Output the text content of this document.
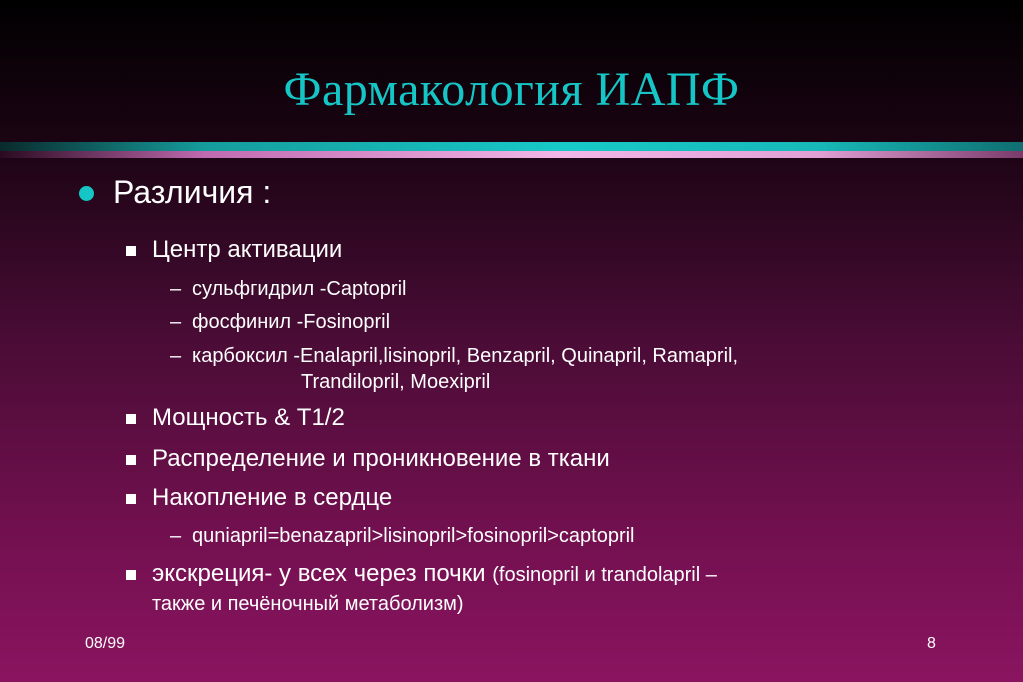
Фармакология ИАПФ
Различия :
Центр активации
– сульфгидрил -Captopril
– фосфинил -Fosinopril
– карбоксил -Enalapril,lisinopril, Benzapril, Quinapril, Ramapril,
Trandilopril, Moexipril
Мощность & T1/2
Распределение и проникновение в ткани
Накопление в сердце
– quniapril=benazapril>lisinopril>fosinopril>captopril
экскреция- у всех через почки (fosinopril и trandolapril –
также и печёночный метаболизм)
08/99	8
